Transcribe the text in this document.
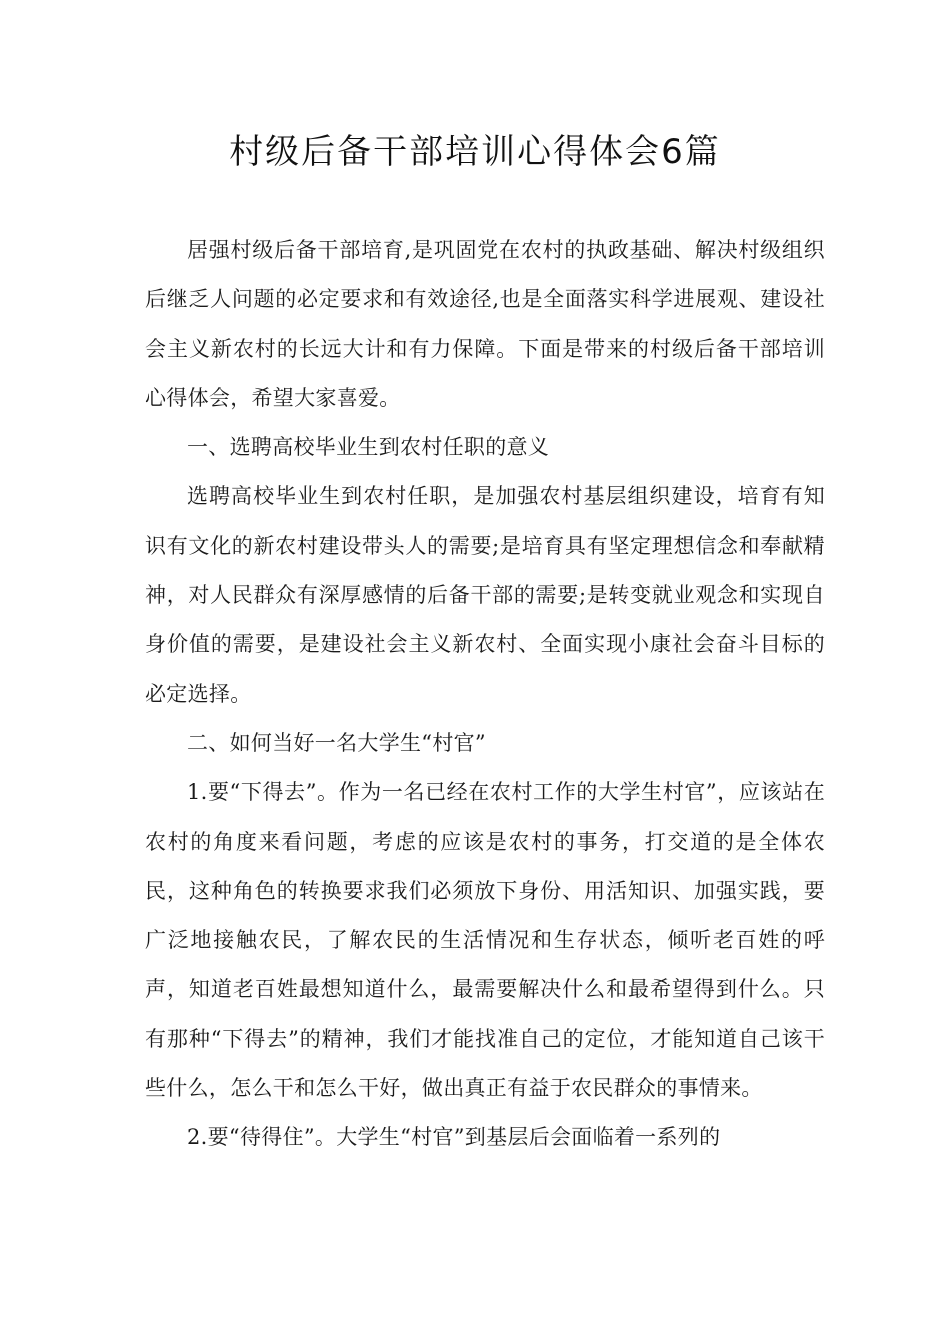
村级后备干部培训心得体会6篇

居强村级后备干部培育,是巩固党在农村的执政基础、解决村级组织后继乏人问题的必定要求和有效途径,也是全面落实科学进展观、建设社会主义新农村的长远大计和有力保障。下面是带来的村级后备干部培训心得体会，希望大家喜爱。

一、选聘高校毕业生到农村任职的意义

选聘高校毕业生到农村任职，是加强农村基层组织建设，培育有知识有文化的新农村建设带头人的需要;是培育具有坚定理想信念和奉献精神，对人民群众有深厚感情的后备干部的需要;是转变就业观念和实现自身价值的需要，是建设社会主义新农村、全面实现小康社会奋斗目标的必定选择。

二、如何当好一名大学生“村官”

1.要“下得去”。作为一名已经在农村工作的大学生村官”，应该站在农村的角度来看问题，考虑的应该是农村的事务，打交道的是全体农民，这种角色的转换要求我们必须放下身份、用活知识、加强实践，要广泛地接触农民，了解农民的生活情况和生存状态，倾听老百姓的呼声，知道老百姓最想知道什么，最需要解决什么和最希望得到什么。只有那种“下得去”的精神，我们才能找准自己的定位，才能知道自己该干些什么，怎么干和怎么干好，做出真正有益于农民群众的事情来。

2.要“待得住”。大学生“村官”到基层后会面临着一系列的
